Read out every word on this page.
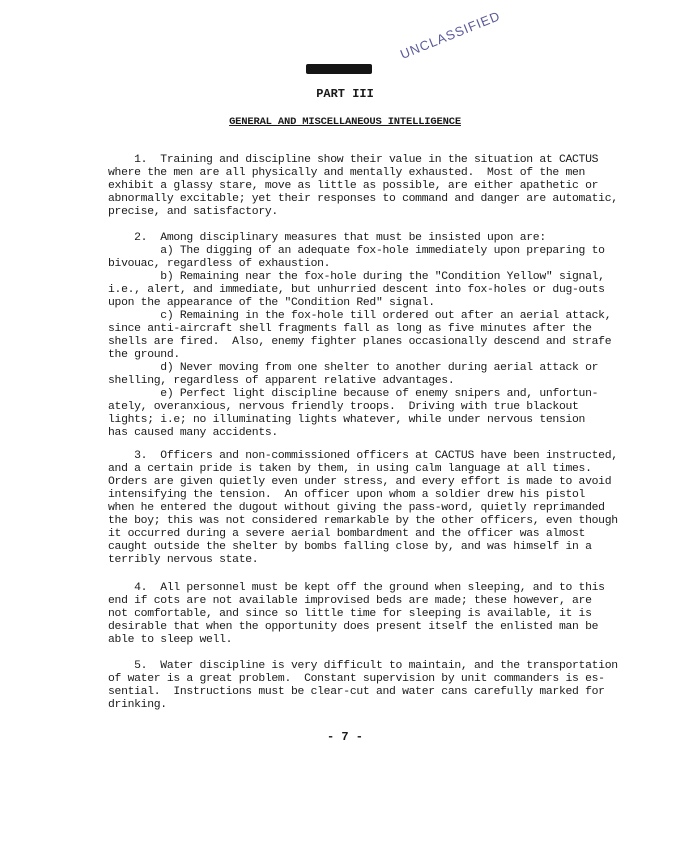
UNCLASSIFIED
PART III
GENERAL AND MISCELLANEOUS INTELLIGENCE
1.  Training and discipline show their value in the situation at CACTUS
where the men are all physically and mentally exhausted.  Most of the men
exhibit a glassy stare, move as little as possible, are either apathetic or
abnormally excitable; yet their responses to command and danger are automatic,
precise, and satisfactory.
2.  Among disciplinary measures that must be insisted upon are:
a) The digging of an adequate fox-hole immediately upon preparing to
bivouac, regardless of exhaustion.
b) Remaining near the fox-hole during the "Condition Yellow" signal,
i.e., alert, and immediate, but unhurried descent into fox-holes or dug-outs
upon the appearance of the "Condition Red" signal.
c) Remaining in the fox-hole till ordered out after an aerial attack,
since anti-aircraft shell fragments fall as long as five minutes after the
shells are fired.  Also, enemy fighter planes occasionally descend and strafe
the ground.
d) Never moving from one shelter to another during aerial attack or
shelling, regardless of apparent relative advantages.
e) Perfect light discipline because of enemy snipers and, unfortun-
ately, overanxious, nervous friendly troops.  Driving with true blackout
lights; i.e; no illuminating lights whatever, while under nervous tension
has caused many accidents.
3.  Officers and non-commissioned officers at CACTUS have been instructed,
and a certain pride is taken by them, in using calm language at all times.
Orders are given quietly even under stress, and every effort is made to avoid
intensifying the tension.  An officer upon whom a soldier drew his pistol
when he entered the dugout without giving the pass-word, quietly reprimanded
the boy; this was not considered remarkable by the other officers, even though
it occurred during a severe aerial bombardment and the officer was almost
caught outside the shelter by bombs falling close by, and was himself in a
terribly nervous state.
4.  All personnel must be kept off the ground when sleeping, and to this
end if cots are not available improvised beds are made; these however, are
not comfortable, and since so little time for sleeping is available, it is
desirable that when the opportunity does present itself the enlisted man be
able to sleep well.
5.  Water discipline is very difficult to maintain, and the transportation
of water is a great problem.  Constant supervision by unit commanders is es-
sential.  Instructions must be clear-cut and water cans carefully marked for
drinking.
- 7 -
